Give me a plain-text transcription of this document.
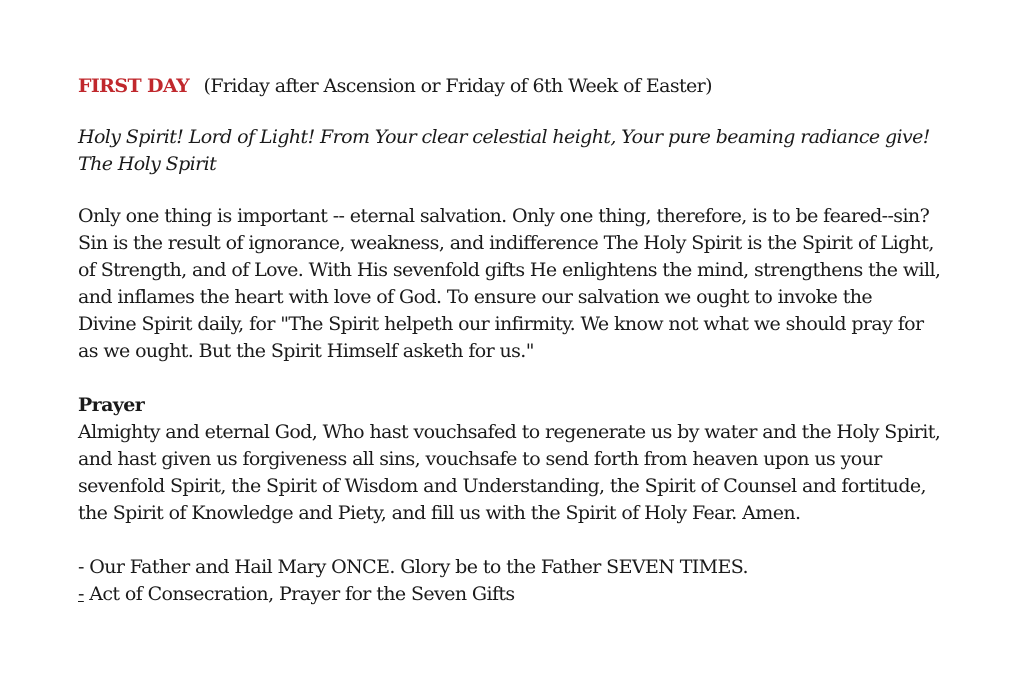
FIRST DAY (Friday after Ascension or Friday of 6th Week of Easter)

Holy Spirit! Lord of Light! From Your clear celestial height, Your pure beaming radiance give!
The Holy Spirit
Only one thing is important -- eternal salvation. Only one thing, therefore, is to be feared--sin?
Sin is the result of ignorance, weakness, and indifference The Holy Spirit is the Spirit of Light,
of Strength, and of Love. With His sevenfold gifts He enlightens the mind, strengthens the will,
and inflames the heart with love of God. To ensure our salvation we ought to invoke the
Divine Spirit daily, for "The Spirit helpeth our infirmity. We know not what we should pray for
as we ought. But the Spirit Himself asketh for us."
Prayer
Almighty and eternal God, Who hast vouchsafed to regenerate us by water and the Holy Spirit,
and hast given us forgiveness all sins, vouchsafe to send forth from heaven upon us your
sevenfold Spirit, the Spirit of Wisdom and Understanding, the Spirit of Counsel and fortitude,
the Spirit of Knowledge and Piety, and fill us with the Spirit of Holy Fear. Amen.
- Our Father and Hail Mary ONCE. Glory be to the Father SEVEN TIMES.
- Act of Consecration, Prayer for the Seven Gifts
